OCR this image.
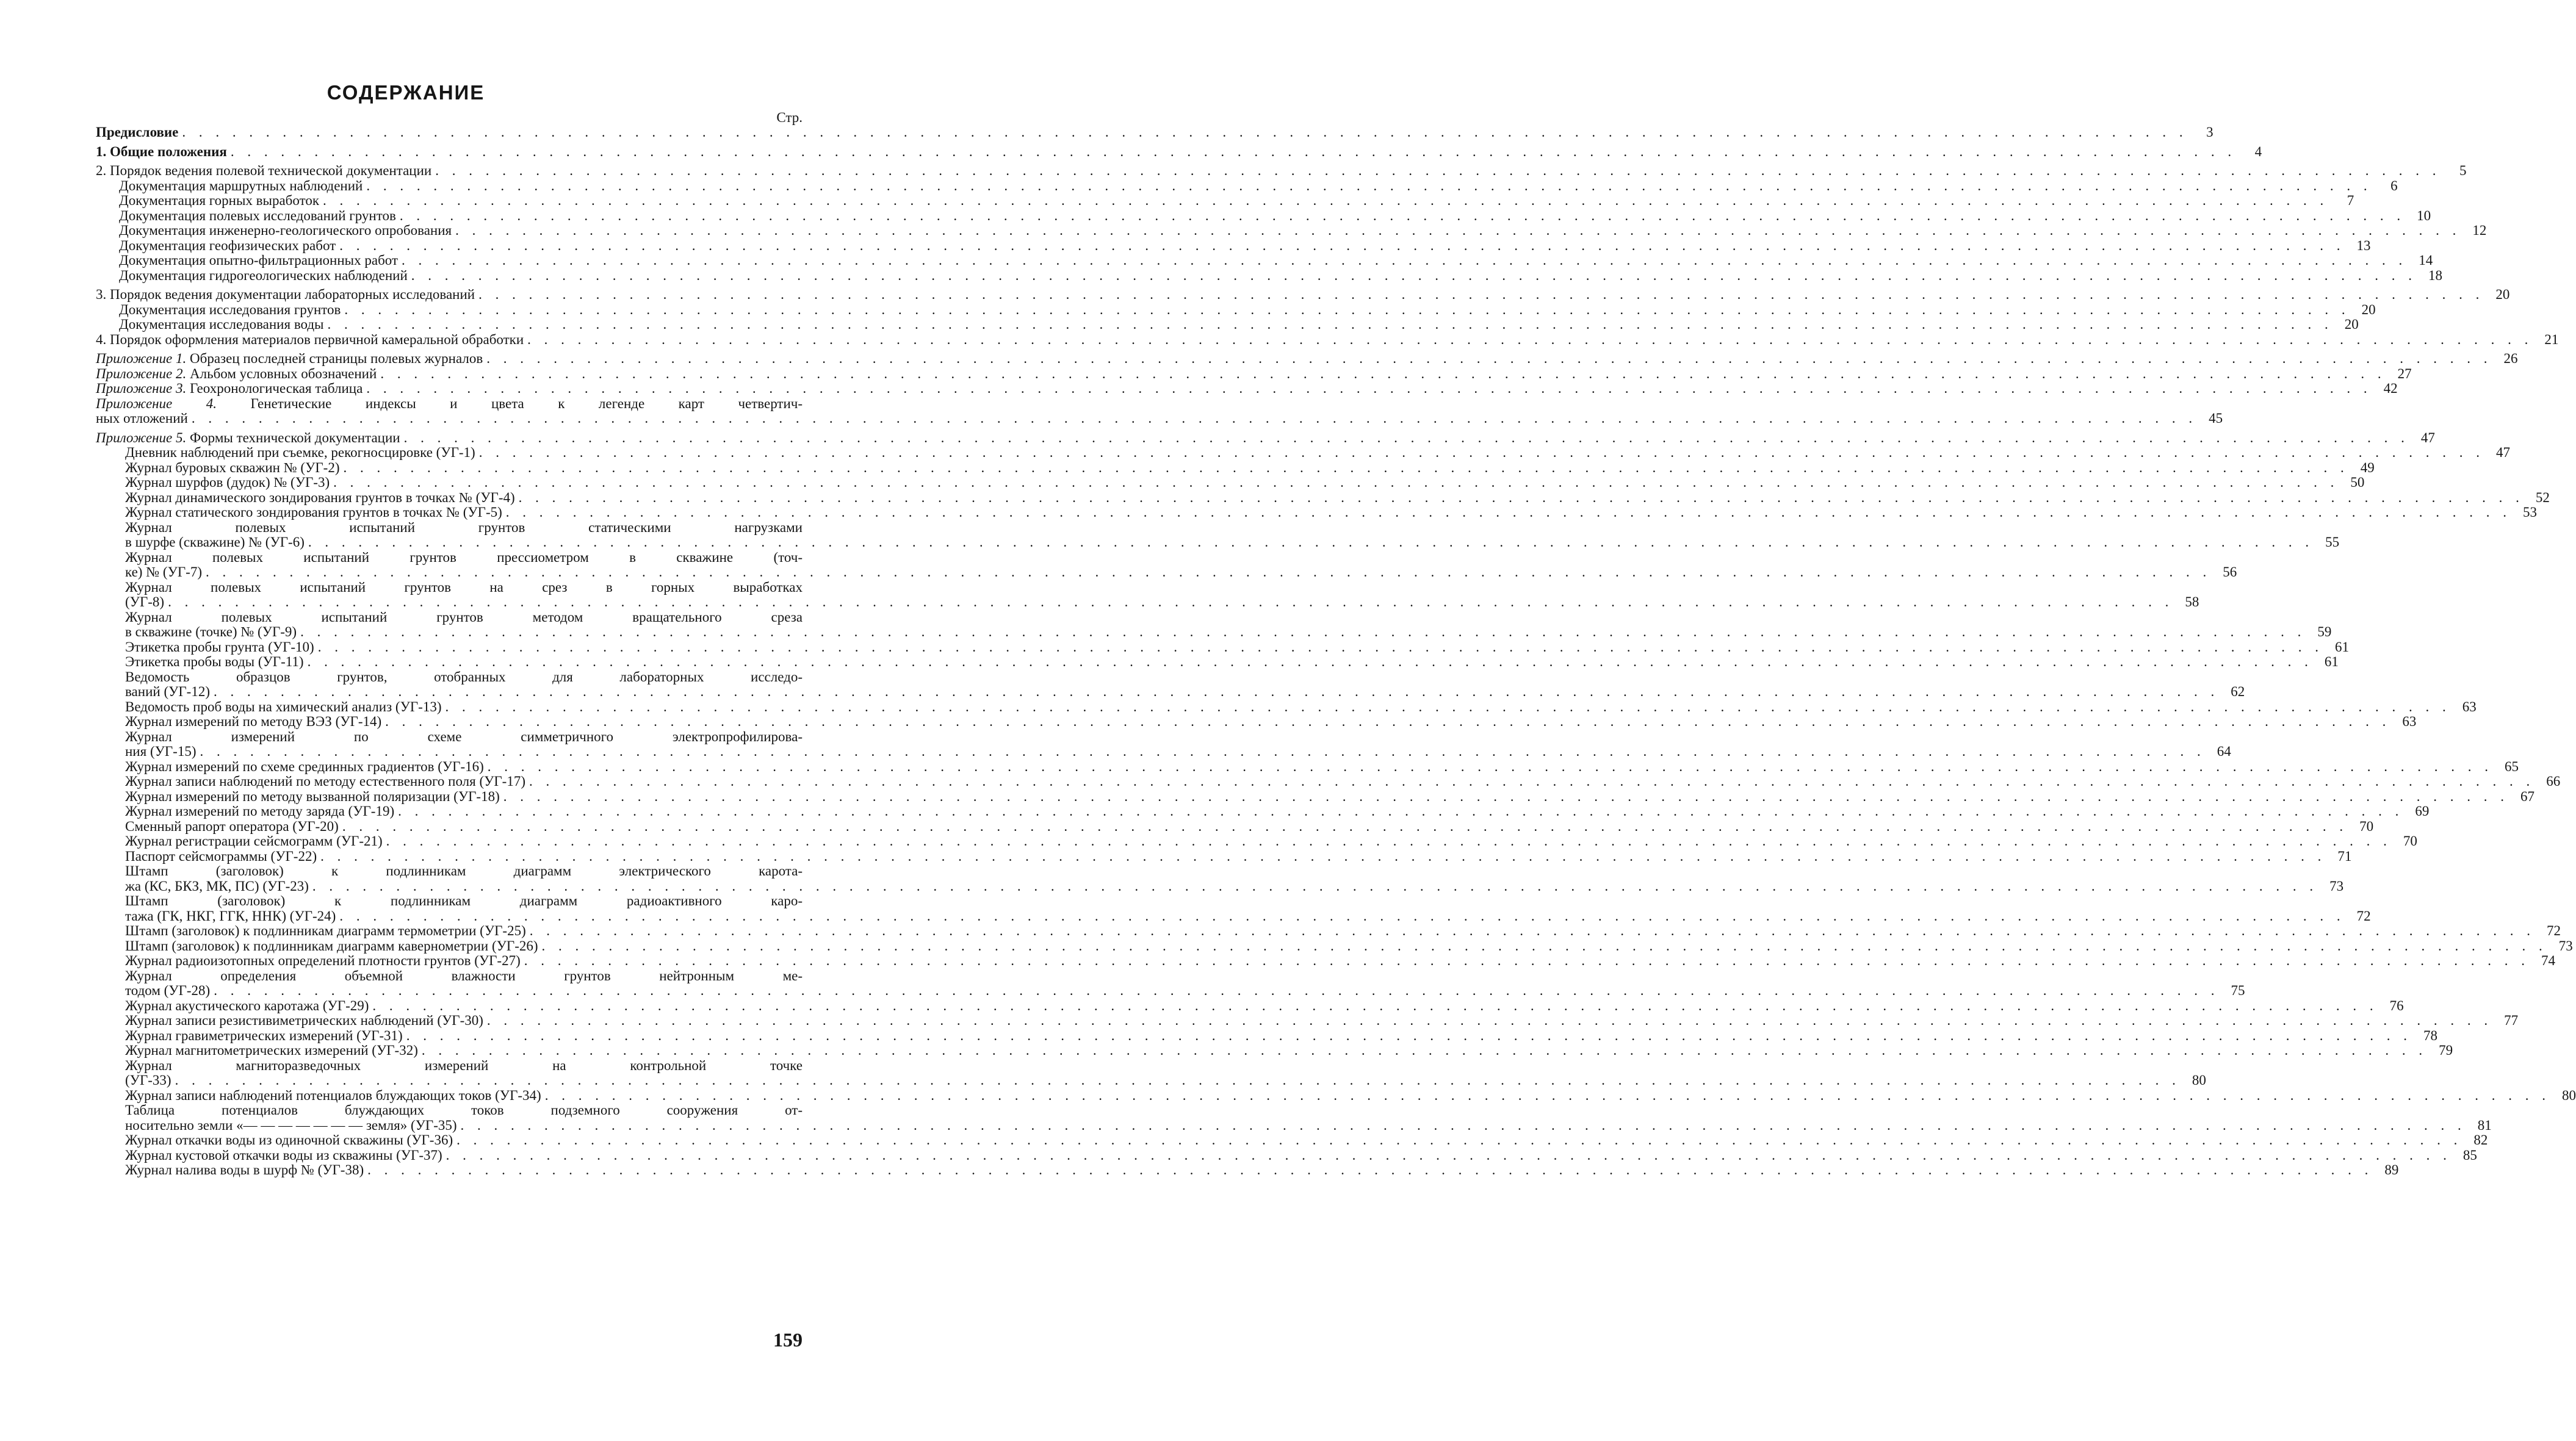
СОДЕРЖАНИЕ
Стр.
Предисловие . . . . . . . . . . . . . . . . . . . . . . . . . . . . . . . . . . . . . . . . . . . . . . . . . . . . . . . . . . . . . . . . . . . . . . . . . . . . . . . . . . . . . . . . . . . . . . . . . . . . . . . . . . . . . . . . . . . . . . . .	3
1. Общие положения . . . . . . . . . . . . . . . . . . . . . . . . . . . . . . . . . . . . . . . . . . . . . . . . . . . . . . . . . . . . . . . . . . . . . . . . . . . . . . . . . . . . . . . . . . . . . . . . . . . . . . . . . . . . . . . . . . . . . . . .	4
2. Порядок ведения полевой технической документации . . . . . . . . . . . . . . . . . . . . . . . . . . . . . . . . . . . . . . . . . . . . . . . . . . . . . . . . . . . . . . . . . . . . . . . . . . . . . . . . . . . . . . . . . . . . . . . . . . . . . . . . . . . . . . . . . . . . . . . .	5
Документация маршрутных наблюдений . . . . . . . . . . . . . . . . . . . . . . . . . . . . . . . . . . . . . . . . . . . . . . . . . . . . . . . . . . . . . . . . . . . . . . . . . . . . . . . . . . . . . . . . . . . . . . . . . . . . . . . . . . . . . . . . . . . . . . . .	6
Документация горных выработок . . . . . . . . . . . . . . . . . . . . . . . . . . . . . . . . . . . . . . . . . . . . . . . . . . . . . . . . . . . . . . . . . . . . . . . . . . . . . . . . . . . . . . . . . . . . . . . . . . . . . . . . . . . . . . . . . . . . . . . .	7
Документация полевых исследований грунтов . . . . . . . . . . . . . . . . . . . . . . . . . . . . . . . . . . . . . . . . . . . . . . . . . . . . . . . . . . . . . . . . . . . . . . . . . . . . . . . . . . . . . . . . . . . . . . . . . . . . . . . . . . . . . . . . . . . . . . . . 10
Документация инженерно-геологического опробования . . . . . . . . . . . . . . . . . . . . . . . . . . . . . . . . . . . . . . . . . . . . . . . . . . . . . . . . . . . . . . . . . . . . . . . . . . . . . . . . . . . . . . . . . . . . . . . . . . . . . . . . . . . . . . . . . . . . . . . . 12
Документация геофизических работ . . . . . . . . . . . . . . . . . . . . . . . . . . . . . . . . . . . . . . . . . . . . . . . . . . . . . . . . . . . . . . . . . . . . . . . . . . . . . . . . . . . . . . . . . . . . . . . . . . . . . . . . . . . . . . . . . . . . . . . . 13
Документация опытно-фильтрационных работ . . . . . . . . . . . . . . . . . . . . . . . . . . . . . . . . . . . . . . . . . . . . . . . . . . . . . . . . . . . . . . . . . . . . . . . . . . . . . . . . . . . . . . . . . . . . . . . . . . . . . . . . . . . . . . . . . . . . . . . . 14
Документация гидрогеологических наблюдений . . . . . . . . . . . . . . . . . . . . . . . . . . . . . . . . . . . . . . . . . . . . . . . . . . . . . . . . . . . . . . . . . . . . . . . . . . . . . . . . . . . . . . . . . . . . . . . . . . . . . . . . . . . . . . . . . . . . . . . . 18
3. Порядок ведения документации лабораторных исследований . . . . . . . . . . . . . . . . . . . . . . . . . . . . . . . . . . . . . . . . . . . . . . . . . . . . . . . . . . . . . . . . . . . . . . . . . . . . . . . . . . . . . . . . . . . . . . . . . . . . . . . . . . . . . . . . . . . . . . . . 20
Документация исследования грунтов . . . . . . . . . . . . . . . . . . . . . . . . . . . . . . . . . . . . . . . . . . . . . . . . . . . . . . . . . . . . . . . . . . . . . . . . . . . . . . . . . . . . . . . . . . . . . . . . . . . . . . . . . . . . . . . . . . . . . . . . 20
Документация исследования воды . . . . . . . . . . . . . . . . . . . . . . . . . . . . . . . . . . . . . . . . . . . . . . . . . . . . . . . . . . . . . . . . . . . . . . . . . . . . . . . . . . . . . . . . . . . . . . . . . . . . . . . . . . . . . . . . . . . . . . . . 20
4. Порядок оформления материалов первичной камеральной обработки . . . . . . . . . . . . . . . . . . . . . . . . . . . . . . . . . . . . . . . . . . . . . . . . . . . . . . . . . . . . . . . . . . . . . . . . . . . . . . . . . . . . . . . . . . . . . . . . . . . . . . . . . . . . . . . . . . . . . . . . 21
Приложение 1. Образец последней страницы полевых журналов . . . . . . . . . . . . . . . . . . . . . . . . . . . . . . . . . . . . . . . . . . . . . . . . . . . . . . . . . . . . . . . . . . . . . . . . . . . . . . . . . . . . . . . . . . . . . . . . . . . . . . . . . . . . . . . . . . . . . . . . 26
Приложение 2. Альбом условных обозначений . . . . . . . . . . . . . . . . . . . . . . . . . . . . . . . . . . . . . . . . . . . . . . . . . . . . . . . . . . . . . . . . . . . . . . . . . . . . . . . . . . . . . . . . . . . . . . . . . . . . . . . . . . . . . . . . . . . . . . . . 27
Приложение 3. Геохронологическая таблица . . . . . . . . . . . . . . . . . . . . . . . . . . . . . . . . . . . . . . . . . . . . . . . . . . . . . . . . . . . . . . . . . . . . . . . . . . . . . . . . . . . . . . . . . . . . . . . . . . . . . . . . . . . . . . . . . . . . . . . . 42
Приложение 4. Генетические индексы и цвета к легенде карт четвертич-
ных отложений . . . . . . . . . . . . . . . . . . . . . . . . . . . . . . . . . . . . . . . . . . . . . . . . . . . . . . . . . . . . . . . . . . . . . . . . . . . . . . . . . . . . . . . . . . . . . . . . . . . . . . . . . . . . . . . . . . . . . . . . 45
Приложение 5. Формы технической документации . . . . . . . . . . . . . . . . . . . . . . . . . . . . . . . . . . . . . . . . . . . . . . . . . . . . . . . . . . . . . . . . . . . . . . . . . . . . . . . . . . . . . . . . . . . . . . . . . . . . . . . . . . . . . . . . . . . . . . . . 47
Дневник наблюдений при съемке, рекогносцировке (УГ-1) . . . . . . . . . . . . . . . . . . . . . . . . . . . . . . . . . . . . . . . . . . . . . . . . . . . . . . . . . . . . . . . . . . . . . . . . . . . . . . . . . . . . . . . . . . . . . . . . . . . . . . . . . . . . . . . . . . . . . . . . 47
Журнал буровых скважин № (УГ-2) . . . . . . . . . . . . . . . . . . . . . . . . . . . . . . . . . . . . . . . . . . . . . . . . . . . . . . . . . . . . . . . . . . . . . . . . . . . . . . . . . . . . . . . . . . . . . . . . . . . . . . . . . . . . . . . . . . . . . . . . 49
Журнал шурфов (дудок) № (УГ-3) . . . . . . . . . . . . . . . . . . . . . . . . . . . . . . . . . . . . . . . . . . . . . . . . . . . . . . . . . . . . . . . . . . . . . . . . . . . . . . . . . . . . . . . . . . . . . . . . . . . . . . . . . . . . . . . . . . . . . . . . 50
Журнал динамического зондирования грунтов в точках № (УГ-4) . . . . . . . . . . . . . . . . . . . . . . . . . . . . . . . . . . . . . . . . . . . . . . . . . . . . . . . . . . . . . . . . . . . . . . . . . . . . . . . . . . . . . . . . . . . . . . . . . . . . . . . . . . . . . . . . . . . . . . . . 52
Журнал статического зондирования грунтов в точках № (УГ-5) . . . . . . . . . . . . . . . . . . . . . . . . . . . . . . . . . . . . . . . . . . . . . . . . . . . . . . . . . . . . . . . . . . . . . . . . . . . . . . . . . . . . . . . . . . . . . . . . . . . . . . . . . . . . . . . . . . . . . . . . 53
Журнал полевых испытаний грунтов статическими нагрузками
в шурфе (скважине) № (УГ-6) . . . . . . . . . . . . . . . . . . . . . . . . . . . . . . . . . . . . . . . . . . . . . . . . . . . . . . . . . . . . . . . . . . . . . . . . . . . . . . . . . . . . . . . . . . . . . . . . . . . . . . . . . . . . . . . . . . . . . . . . 55
Журнал полевых испытаний грунтов прессиометром в скважине (точ-
ке) № (УГ-7) . . . . . . . . . . . . . . . . . . . . . . . . . . . . . . . . . . . . . . . . . . . . . . . . . . . . . . . . . . . . . . . . . . . . . . . . . . . . . . . . . . . . . . . . . . . . . . . . . . . . . . . . . . . . . . . . . . . . . . . . 56
Журнал полевых испытаний грунтов на срез в горных выработках
(УГ-8) . . . . . . . . . . . . . . . . . . . . . . . . . . . . . . . . . . . . . . . . . . . . . . . . . . . . . . . . . . . . . . . . . . . . . . . . . . . . . . . . . . . . . . . . . . . . . . . . . . . . . . . . . . . . . . . . . . . . . . . . 58
Журнал полевых испытаний грунтов методом вращательного среза
в скважине (точке) № (УГ-9) . . . . . . . . . . . . . . . . . . . . . . . . . . . . . . . . . . . . . . . . . . . . . . . . . . . . . . . . . . . . . . . . . . . . . . . . . . . . . . . . . . . . . . . . . . . . . . . . . . . . . . . . . . . . . . . . . . . . . . . . 59
Этикетка пробы грунта (УГ-10) . . . . . . . . . . . . . . . . . . . . . . . . . . . . . . . . . . . . . . . . . . . . . . . . . . . . . . . . . . . . . . . . . . . . . . . . . . . . . . . . . . . . . . . . . . . . . . . . . . . . . . . . . . . . . . . . . . . . . . . . 61
Этикетка пробы воды (УГ-11) . . . . . . . . . . . . . . . . . . . . . . . . . . . . . . . . . . . . . . . . . . . . . . . . . . . . . . . . . . . . . . . . . . . . . . . . . . . . . . . . . . . . . . . . . . . . . . . . . . . . . . . . . . . . . . . . . . . . . . . . 61
Ведомость образцов грунтов, отобранных для лабораторных исследо-
ваний (УГ-12) . . . . . . . . . . . . . . . . . . . . . . . . . . . . . . . . . . . . . . . . . . . . . . . . . . . . . . . . . . . . . . . . . . . . . . . . . . . . . . . . . . . . . . . . . . . . . . . . . . . . . . . . . . . . . . . . . . . . . . . . 62
Ведомость проб воды на химический анализ (УГ-13) . . . . . . . . . . . . . . . . . . . . . . . . . . . . . . . . . . . . . . . . . . . . . . . . . . . . . . . . . . . . . . . . . . . . . . . . . . . . . . . . . . . . . . . . . . . . . . . . . . . . . . . . . . . . . . . . . . . . . . . . 63
Журнал измерений по методу ВЭЗ (УГ-14) . . . . . . . . . . . . . . . . . . . . . . . . . . . . . . . . . . . . . . . . . . . . . . . . . . . . . . . . . . . . . . . . . . . . . . . . . . . . . . . . . . . . . . . . . . . . . . . . . . . . . . . . . . . . . . . . . . . . . . . . 63
Журнал измерений по схеме симметричного электропрофилирова-
ния (УГ-15) . . . . . . . . . . . . . . . . . . . . . . . . . . . . . . . . . . . . . . . . . . . . . . . . . . . . . . . . . . . . . . . . . . . . . . . . . . . . . . . . . . . . . . . . . . . . . . . . . . . . . . . . . . . . . . . . . . . . . . . . 64
Журнал измерений по схеме срединных градиентов (УГ-16) . . . . . . . . . . . . . . . . . . . . . . . . . . . . . . . . . . . . . . . . . . . . . . . . . . . . . . . . . . . . . . . . . . . . . . . . . . . . . . . . . . . . . . . . . . . . . . . . . . . . . . . . . . . . . . . . . . . . . . . . 65
Журнал записи наблюдений по методу естественного поля (УГ-17) . . . . . . . . . . . . . . . . . . . . . . . . . . . . . . . . . . . . . . . . . . . . . . . . . . . . . . . . . . . . . . . . . . . . . . . . . . . . . . . . . . . . . . . . . . . . . . . . . . . . . . . . . . . . . . . . . . . . . . . . 66
Журнал измерений по методу вызванной поляризации (УГ-18) . . . . . . . . . . . . . . . . . . . . . . . . . . . . . . . . . . . . . . . . . . . . . . . . . . . . . . . . . . . . . . . . . . . . . . . . . . . . . . . . . . . . . . . . . . . . . . . . . . . . . . . . . . . . . . . . . . . . . . . . 67
Журнал измерений по методу заряда (УГ-19) . . . . . . . . . . . . . . . . . . . . . . . . . . . . . . . . . . . . . . . . . . . . . . . . . . . . . . . . . . . . . . . . . . . . . . . . . . . . . . . . . . . . . . . . . . . . . . . . . . . . . . . . . . . . . . . . . . . . . . . . 69
Сменный рапорт оператора (УГ-20) . . . . . . . . . . . . . . . . . . . . . . . . . . . . . . . . . . . . . . . . . . . . . . . . . . . . . . . . . . . . . . . . . . . . . . . . . . . . . . . . . . . . . . . . . . . . . . . . . . . . . . . . . . . . . . . . . . . . . . . . 70
Журнал регистрации сейсмограмм (УГ-21) . . . . . . . . . . . . . . . . . . . . . . . . . . . . . . . . . . . . . . . . . . . . . . . . . . . . . . . . . . . . . . . . . . . . . . . . . . . . . . . . . . . . . . . . . . . . . . . . . . . . . . . . . . . . . . . . . . . . . . . . 70
Паспорт сейсмограммы (УГ-22) . . . . . . . . . . . . . . . . . . . . . . . . . . . . . . . . . . . . . . . . . . . . . . . . . . . . . . . . . . . . . . . . . . . . . . . . . . . . . . . . . . . . . . . . . . . . . . . . . . . . . . . . . . . . . . . . . . . . . . . . 71
Штамп (заголовок) к подлинникам диаграмм электрического карота-
жа (КС, БКЗ, МК, ПС) (УГ-23) . . . . . . . . . . . . . . . . . . . . . . . . . . . . . . . . . . . . . . . . . . . . . . . . . . . . . . . . . . . . . . . . . . . . . . . . . . . . . . . . . . . . . . . . . . . . . . . . . . . . . . . . . . . . . . . . . . . . . . . . 73
Штамп (заголовок) к подлинникам диаграмм радиоактивного каро-
тажа (ГК, НКГ, ГГК, ННК) (УГ-24) . . . . . . . . . . . . . . . . . . . . . . . . . . . . . . . . . . . . . . . . . . . . . . . . . . . . . . . . . . . . . . . . . . . . . . . . . . . . . . . . . . . . . . . . . . . . . . . . . . . . . . . . . . . . . . . . . . . . . . . . 72
Штамп (заголовок) к подлинникам диаграмм термометрии (УГ-25) . . . . . . . . . . . . . . . . . . . . . . . . . . . . . . . . . . . . . . . . . . . . . . . . . . . . . . . . . . . . . . . . . . . . . . . . . . . . . . . . . . . . . . . . . . . . . . . . . . . . . . . . . . . . . . . . . . . . . . . . 72
Штамп (заголовок) к подлинникам диаграмм кавернометрии (УГ-26) . . . . . . . . . . . . . . . . . . . . . . . . . . . . . . . . . . . . . . . . . . . . . . . . . . . . . . . . . . . . . . . . . . . . . . . . . . . . . . . . . . . . . . . . . . . . . . . . . . . . . . . . . . . . . . . . . . . . . . . . 73
Журнал радиоизотопных определений плотности грунтов (УГ-27) . . . . . . . . . . . . . . . . . . . . . . . . . . . . . . . . . . . . . . . . . . . . . . . . . . . . . . . . . . . . . . . . . . . . . . . . . . . . . . . . . . . . . . . . . . . . . . . . . . . . . . . . . . . . . . . . . . . . . . . . 74
Журнал определения объемной влажности грунтов нейтронным ме-
тодом (УГ-28) . . . . . . . . . . . . . . . . . . . . . . . . . . . . . . . . . . . . . . . . . . . . . . . . . . . . . . . . . . . . . . . . . . . . . . . . . . . . . . . . . . . . . . . . . . . . . . . . . . . . . . . . . . . . . . . . . . . . . . . . 75
Журнал акустического каротажа (УГ-29) . . . . . . . . . . . . . . . . . . . . . . . . . . . . . . . . . . . . . . . . . . . . . . . . . . . . . . . . . . . . . . . . . . . . . . . . . . . . . . . . . . . . . . . . . . . . . . . . . . . . . . . . . . . . . . . . . . . . . . . . 76
Журнал записи резистивиметрических наблюдений (УГ-30) . . . . . . . . . . . . . . . . . . . . . . . . . . . . . . . . . . . . . . . . . . . . . . . . . . . . . . . . . . . . . . . . . . . . . . . . . . . . . . . . . . . . . . . . . . . . . . . . . . . . . . . . . . . . . . . . . . . . . . . . 77
Журнал гравиметрических измерений (УГ-31) . . . . . . . . . . . . . . . . . . . . . . . . . . . . . . . . . . . . . . . . . . . . . . . . . . . . . . . . . . . . . . . . . . . . . . . . . . . . . . . . . . . . . . . . . . . . . . . . . . . . . . . . . . . . . . . . . . . . . . . . 78
Журнал магнитометрических измерений (УГ-32) . . . . . . . . . . . . . . . . . . . . . . . . . . . . . . . . . . . . . . . . . . . . . . . . . . . . . . . . . . . . . . . . . . . . . . . . . . . . . . . . . . . . . . . . . . . . . . . . . . . . . . . . . . . . . . . . . . . . . . . . 79
Журнал магниторазведочных измерений на контрольной точке
(УГ-33) . . . . . . . . . . . . . . . . . . . . . . . . . . . . . . . . . . . . . . . . . . . . . . . . . . . . . . . . . . . . . . . . . . . . . . . . . . . . . . . . . . . . . . . . . . . . . . . . . . . . . . . . . . . . . . . . . . . . . . . . 80
Журнал записи наблюдений потенциалов блуждающих токов (УГ-34) . . . . . . . . . . . . . . . . . . . . . . . . . . . . . . . . . . . . . . . . . . . . . . . . . . . . . . . . . . . . . . . . . . . . . . . . . . . . . . . . . . . . . . . . . . . . . . . . . . . . . . . . . . . . . . . . . . . . . . . . 80
Таблица потенциалов блуждающих токов подземного сооружения от-
носительно земли «— — — — — — — земля» (УГ-35) . . . . . . . . . . . . . . . . . . . . . . . . . . . . . . . . . . . . . . . . . . . . . . . . . . . . . . . . . . . . . . . . . . . . . . . . . . . . . . . . . . . . . . . . . . . . . . . . . . . . . . . . . . . . . . . . . . . . . . . . 81
Журнал откачки воды из одиночной скважины (УГ-36) . . . . . . . . . . . . . . . . . . . . . . . . . . . . . . . . . . . . . . . . . . . . . . . . . . . . . . . . . . . . . . . . . . . . . . . . . . . . . . . . . . . . . . . . . . . . . . . . . . . . . . . . . . . . . . . . . . . . . . . . 82
Журнал кустовой откачки воды из скважины (УГ-37) . . . . . . . . . . . . . . . . . . . . . . . . . . . . . . . . . . . . . . . . . . . . . . . . . . . . . . . . . . . . . . . . . . . . . . . . . . . . . . . . . . . . . . . . . . . . . . . . . . . . . . . . . . . . . . . . . . . . . . . . 85
Журнал налива воды в шурф № (УГ-38) . . . . . . . . . . . . . . . . . . . . . . . . . . . . . . . . . . . . . . . . . . . . . . . . . . . . . . . . . . . . . . . . . . . . . . . . . . . . . . . . . . . . . . . . . . . . . . . . . . . . . . . . . . . . . . . . . . . . . . . . 89
159
